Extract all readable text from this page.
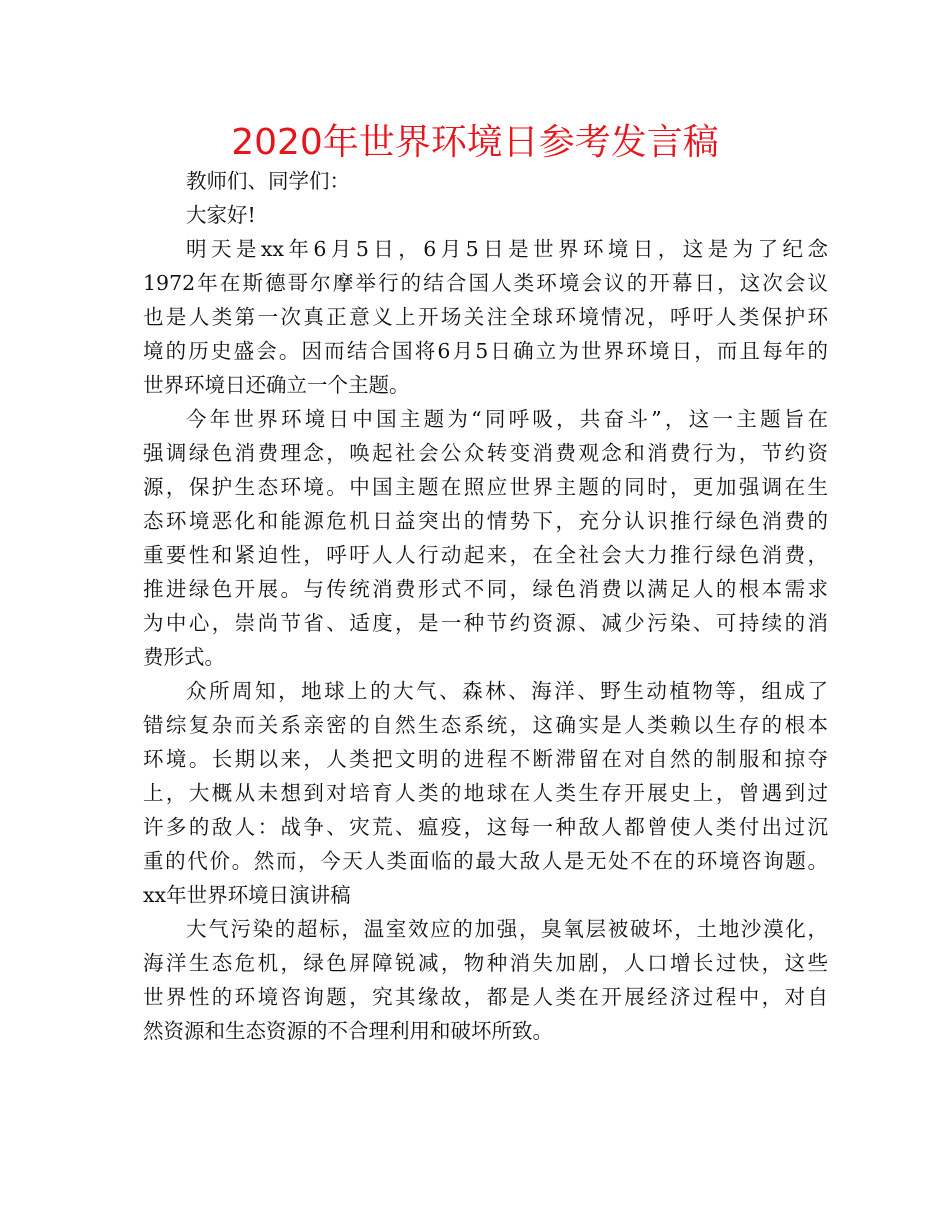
2020年世界环境日参考发言稿
教师们、同学们：
大家好!
明天是xx年6月5日，6月5日是世界环境日，这是为了纪念
1972年在斯德哥尔摩举行的结合国人类环境会议的开幕日，这次会议
也是人类第一次真正意义上开场关注全球环境情况，呼吁人类保护环
境的历史盛会。因而结合国将6月5日确立为世界环境日，而且每年的
世界环境日还确立一个主题。
今年世界环境日中国主题为“同呼吸，共奋斗”，这一主题旨在
强调绿色消费理念，唤起社会公众转变消费观念和消费行为，节约资
源，保护生态环境。中国主题在照应世界主题的同时，更加强调在生
态环境恶化和能源危机日益突出的情势下，充分认识推行绿色消费的
重要性和紧迫性，呼吁人人行动起来，在全社会大力推行绿色消费，
推进绿色开展。与传统消费形式不同，绿色消费以满足人的根本需求
为中心，崇尚节省、适度，是一种节约资源、减少污染、可持续的消
费形式。
众所周知，地球上的大气、森林、海洋、野生动植物等，组成了
错综复杂而关系亲密的自然生态系统，这确实是人类赖以生存的根本
环境。长期以来，人类把文明的进程不断滞留在对自然的制服和掠夺
上，大概从未想到对培育人类的地球在人类生存开展史上，曾遇到过
许多的敌人：战争、灾荒、瘟疫，这每一种敌人都曾使人类付出过沉
重的代价。然而，今天人类面临的最大敌人是无处不在的环境咨询题。
xx年世界环境日演讲稿
大气污染的超标，温室效应的加强，臭氧层被破坏，土地沙漠化，
海洋生态危机，绿色屏障锐减，物种消失加剧，人口增长过快，这些
世界性的环境咨询题，究其缘故，都是人类在开展经济过程中，对自
然资源和生态资源的不合理利用和破坏所致。
